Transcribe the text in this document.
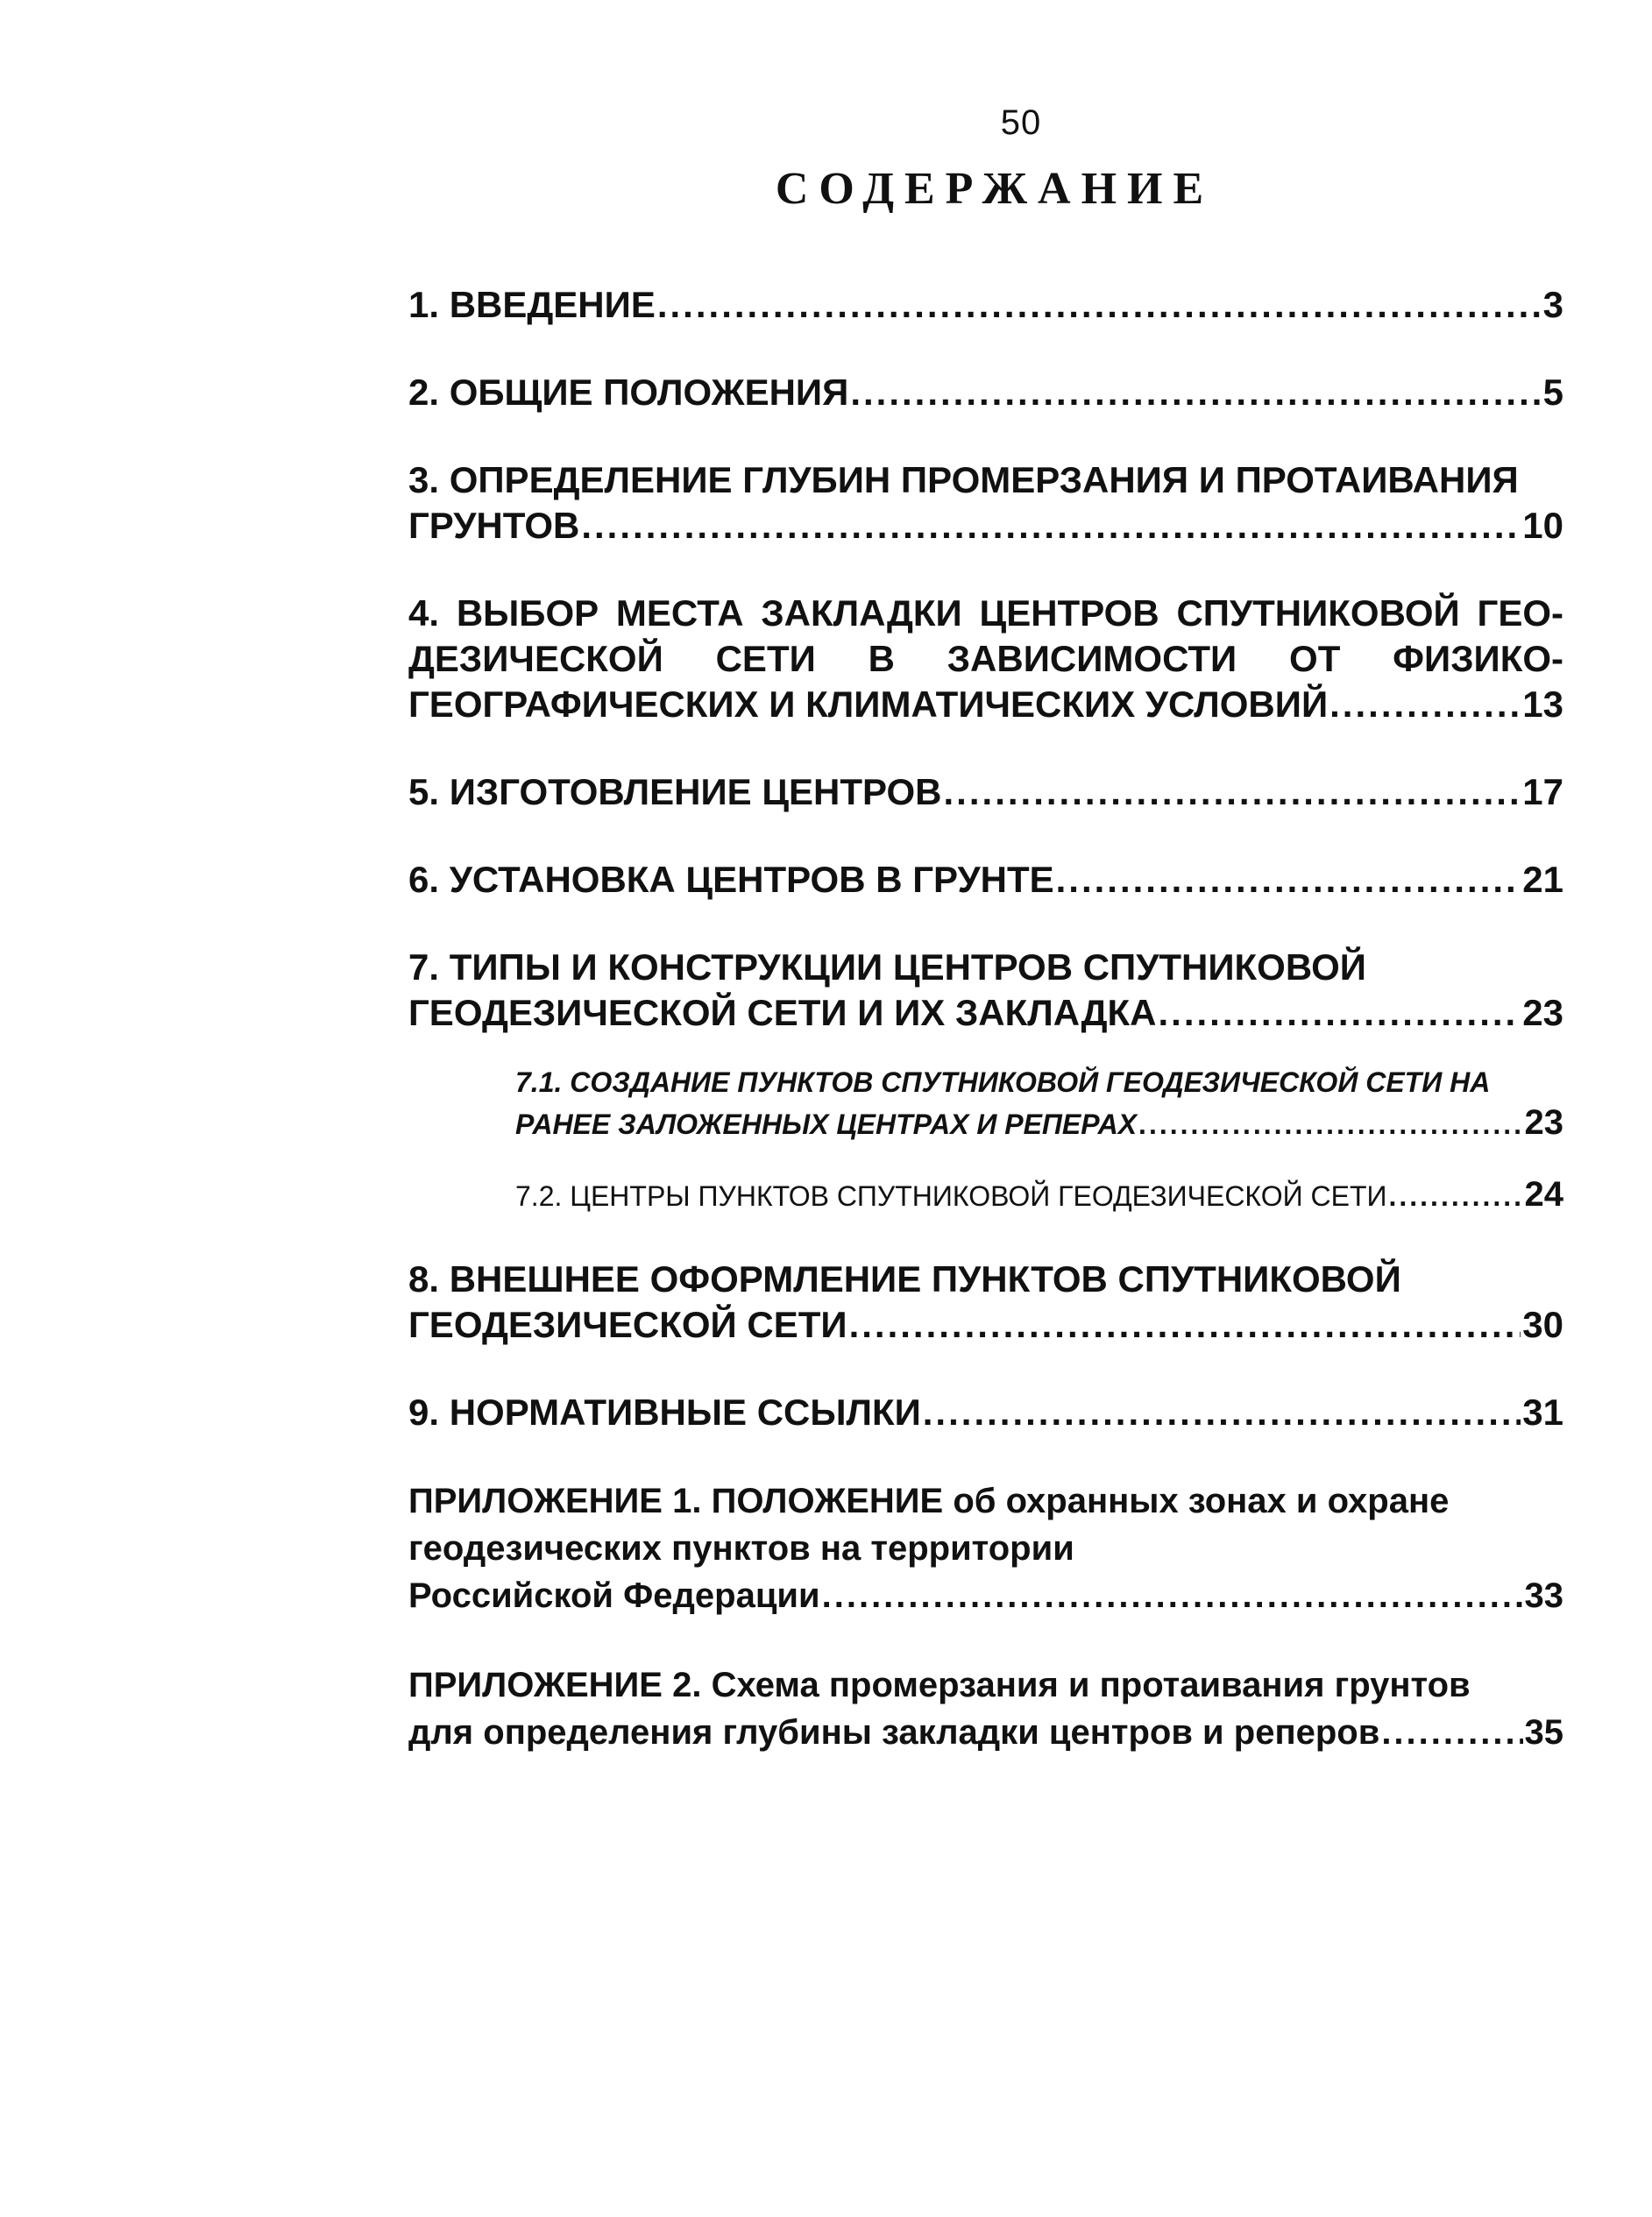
50
СОДЕРЖАНИЕ
1. ВВЕДЕНИЕ .....	3
2. ОБЩИЕ ПОЛОЖЕНИЯ .....	5
3. ОПРЕДЕЛЕНИЕ ГЛУБИН ПРОМЕРЗАНИЯ И ПРОТАИВАНИЯ
ГРУНТОВ .....	10
4. ВЫБОР МЕСТА ЗАКЛАДКИ ЦЕНТРОВ СПУТНИКОВОЙ ГЕО-
ДЕЗИЧЕСКОЙ СЕТИ В ЗАВИСИМОСТИ ОТ ФИЗИКО-
ГЕОГРАФИЧЕСКИХ И КЛИМАТИЧЕСКИХ УСЛОВИЙ .....	13
5. ИЗГОТОВЛЕНИЕ ЦЕНТРОВ .....	17
6. УСТАНОВКА ЦЕНТРОВ В ГРУНТЕ .....	21
7. ТИПЫ И КОНСТРУКЦИИ ЦЕНТРОВ СПУТНИКОВОЙ
ГЕОДЕЗИЧЕСКОЙ СЕТИ И ИХ ЗАКЛАДКА .....	23
7.1. СОЗДАНИЕ ПУНКТОВ СПУТНИКОВОЙ ГЕОДЕЗИЧЕСКОЙ СЕТИ НА
РАНЕЕ ЗАЛОЖЕННЫХ ЦЕНТРАХ И РЕПЕРАХ .....	23
7.2. ЦЕНТРЫ ПУНКТОВ СПУТНИКОВОЙ ГЕОДЕЗИЧЕСКОЙ СЕТИ .....	24
8. ВНЕШНЕЕ ОФОРМЛЕНИЕ ПУНКТОВ СПУТНИКОВОЙ
ГЕОДЕЗИЧЕСКОЙ СЕТИ .....	30
9. НОРМАТИВНЫЕ ССЫЛКИ .....	31
ПРИЛОЖЕНИЕ 1. ПОЛОЖЕНИЕ об охранных зонах и охране
геодезических пунктов на территории
Российской Федерации .....	33
ПРИЛОЖЕНИЕ 2. Схема промерзания и протаивания грунтов
для определения глубины закладки центров и реперов .....	35
